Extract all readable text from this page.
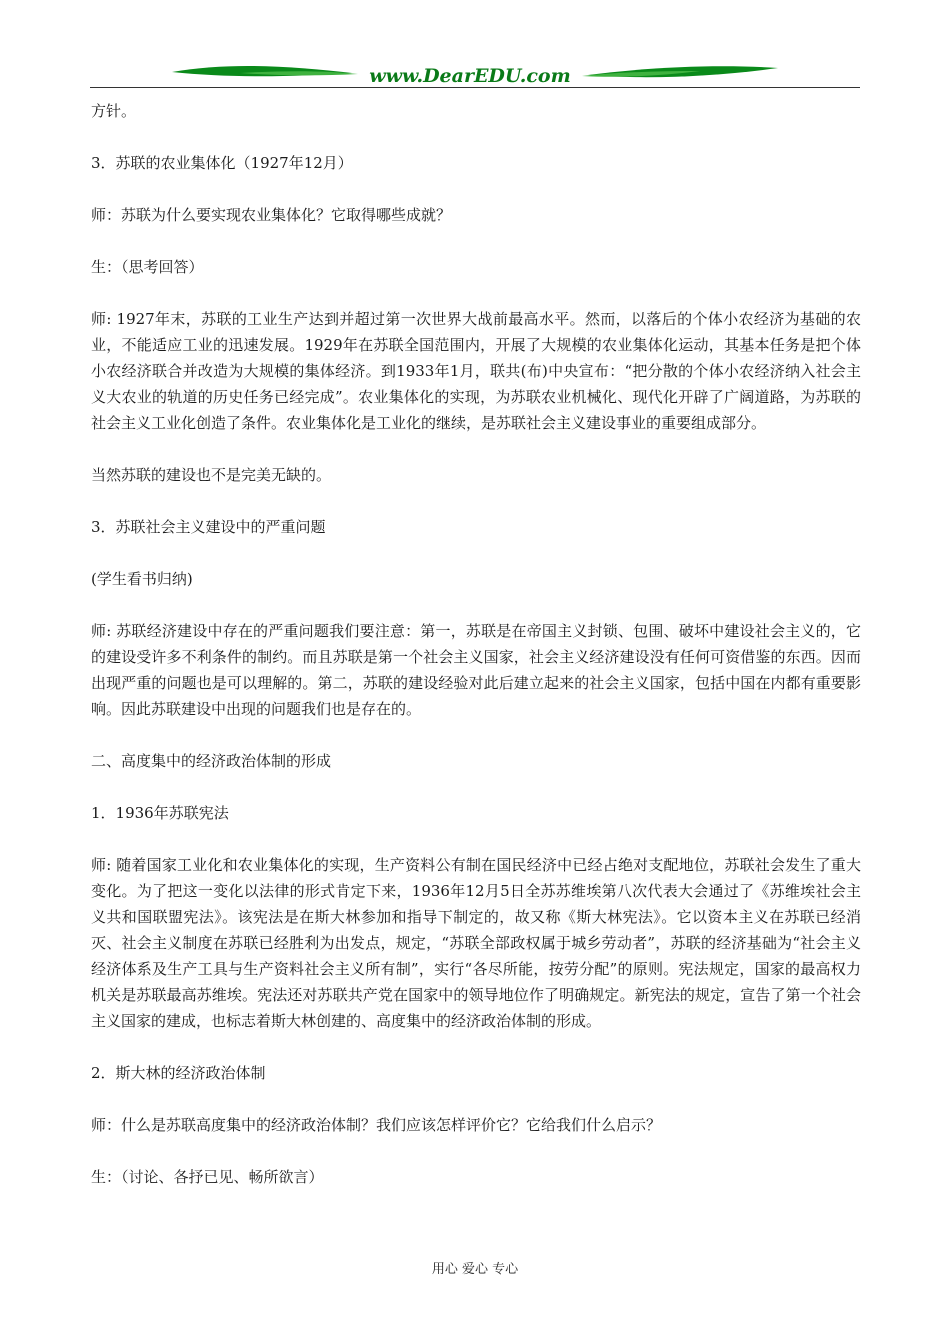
www.DearEDU.com

方针。

3．苏联的农业集体化（1927年12月）

师：苏联为什么要实现农业集体化？它取得哪些成就？

生：（思考回答）

师: 1927年末，苏联的工业生产达到并超过第一次世界大战前最高水平。然而，以落后的个体小农经济为基础的农业，不能适应工业的迅速发展。1929年在苏联全国范围内，开展了大规模的农业集体化运动，其基本任务是把个体小农经济联合并改造为大规模的集体经济。到1933年1月，联共(布)中央宣布：“把分散的个体小农经济纳入社会主义大农业的轨道的历史任务已经完成”。农业集体化的实现，为苏联农业机械化、现代化开辟了广阔道路，为苏联的社会主义工业化创造了条件。农业集体化是工业化的继续，是苏联社会主义建设事业的重要组成部分。

当然苏联的建设也不是完美无缺的。

3．苏联社会主义建设中的严重问题

(学生看书归纳)

师: 苏联经济建设中存在的严重问题我们要注意：第一，苏联是在帝国主义封锁、包围、破坏中建设社会主义的，它的建设受许多不利条件的制约。而且苏联是第一个社会主义国家，社会主义经济建设没有任何可资借鉴的东西。因而出现严重的问题也是可以理解的。第二，苏联的建设经验对此后建立起来的社会主义国家，包括中国在内都有重要影响。因此苏联建设中出现的问题我们也是存在的。

二、高度集中的经济政治体制的形成

1．1936年苏联宪法

师: 随着国家工业化和农业集体化的实现，生产资料公有制在国民经济中已经占绝对支配地位，苏联社会发生了重大变化。为了把这一变化以法律的形式肯定下来，1936年12月5日全苏苏维埃第八次代表大会通过了《苏维埃社会主义共和国联盟宪法》。该宪法是在斯大林参加和指导下制定的，故又称《斯大林宪法》。它以资本主义在苏联已经消灭、社会主义制度在苏联已经胜利为出发点，规定，“苏联全部政权属于城乡劳动者”，苏联的经济基础为“社会主义经济体系及生产工具与生产资料社会主义所有制”，实行“各尽所能，按劳分配”的原则。宪法规定，国家的最高权力机关是苏联最高苏维埃。宪法还对苏联共产党在国家中的领导地位作了明确规定。新宪法的规定，宣告了第一个社会主义国家的建成，也标志着斯大林创建的、高度集中的经济政治体制的形成。

2．斯大林的经济政治体制

师：什么是苏联高度集中的经济政治体制？我们应该怎样评价它？它给我们什么启示？

生：（讨论、各抒已见、畅所欲言）

用心 爱心 专心
